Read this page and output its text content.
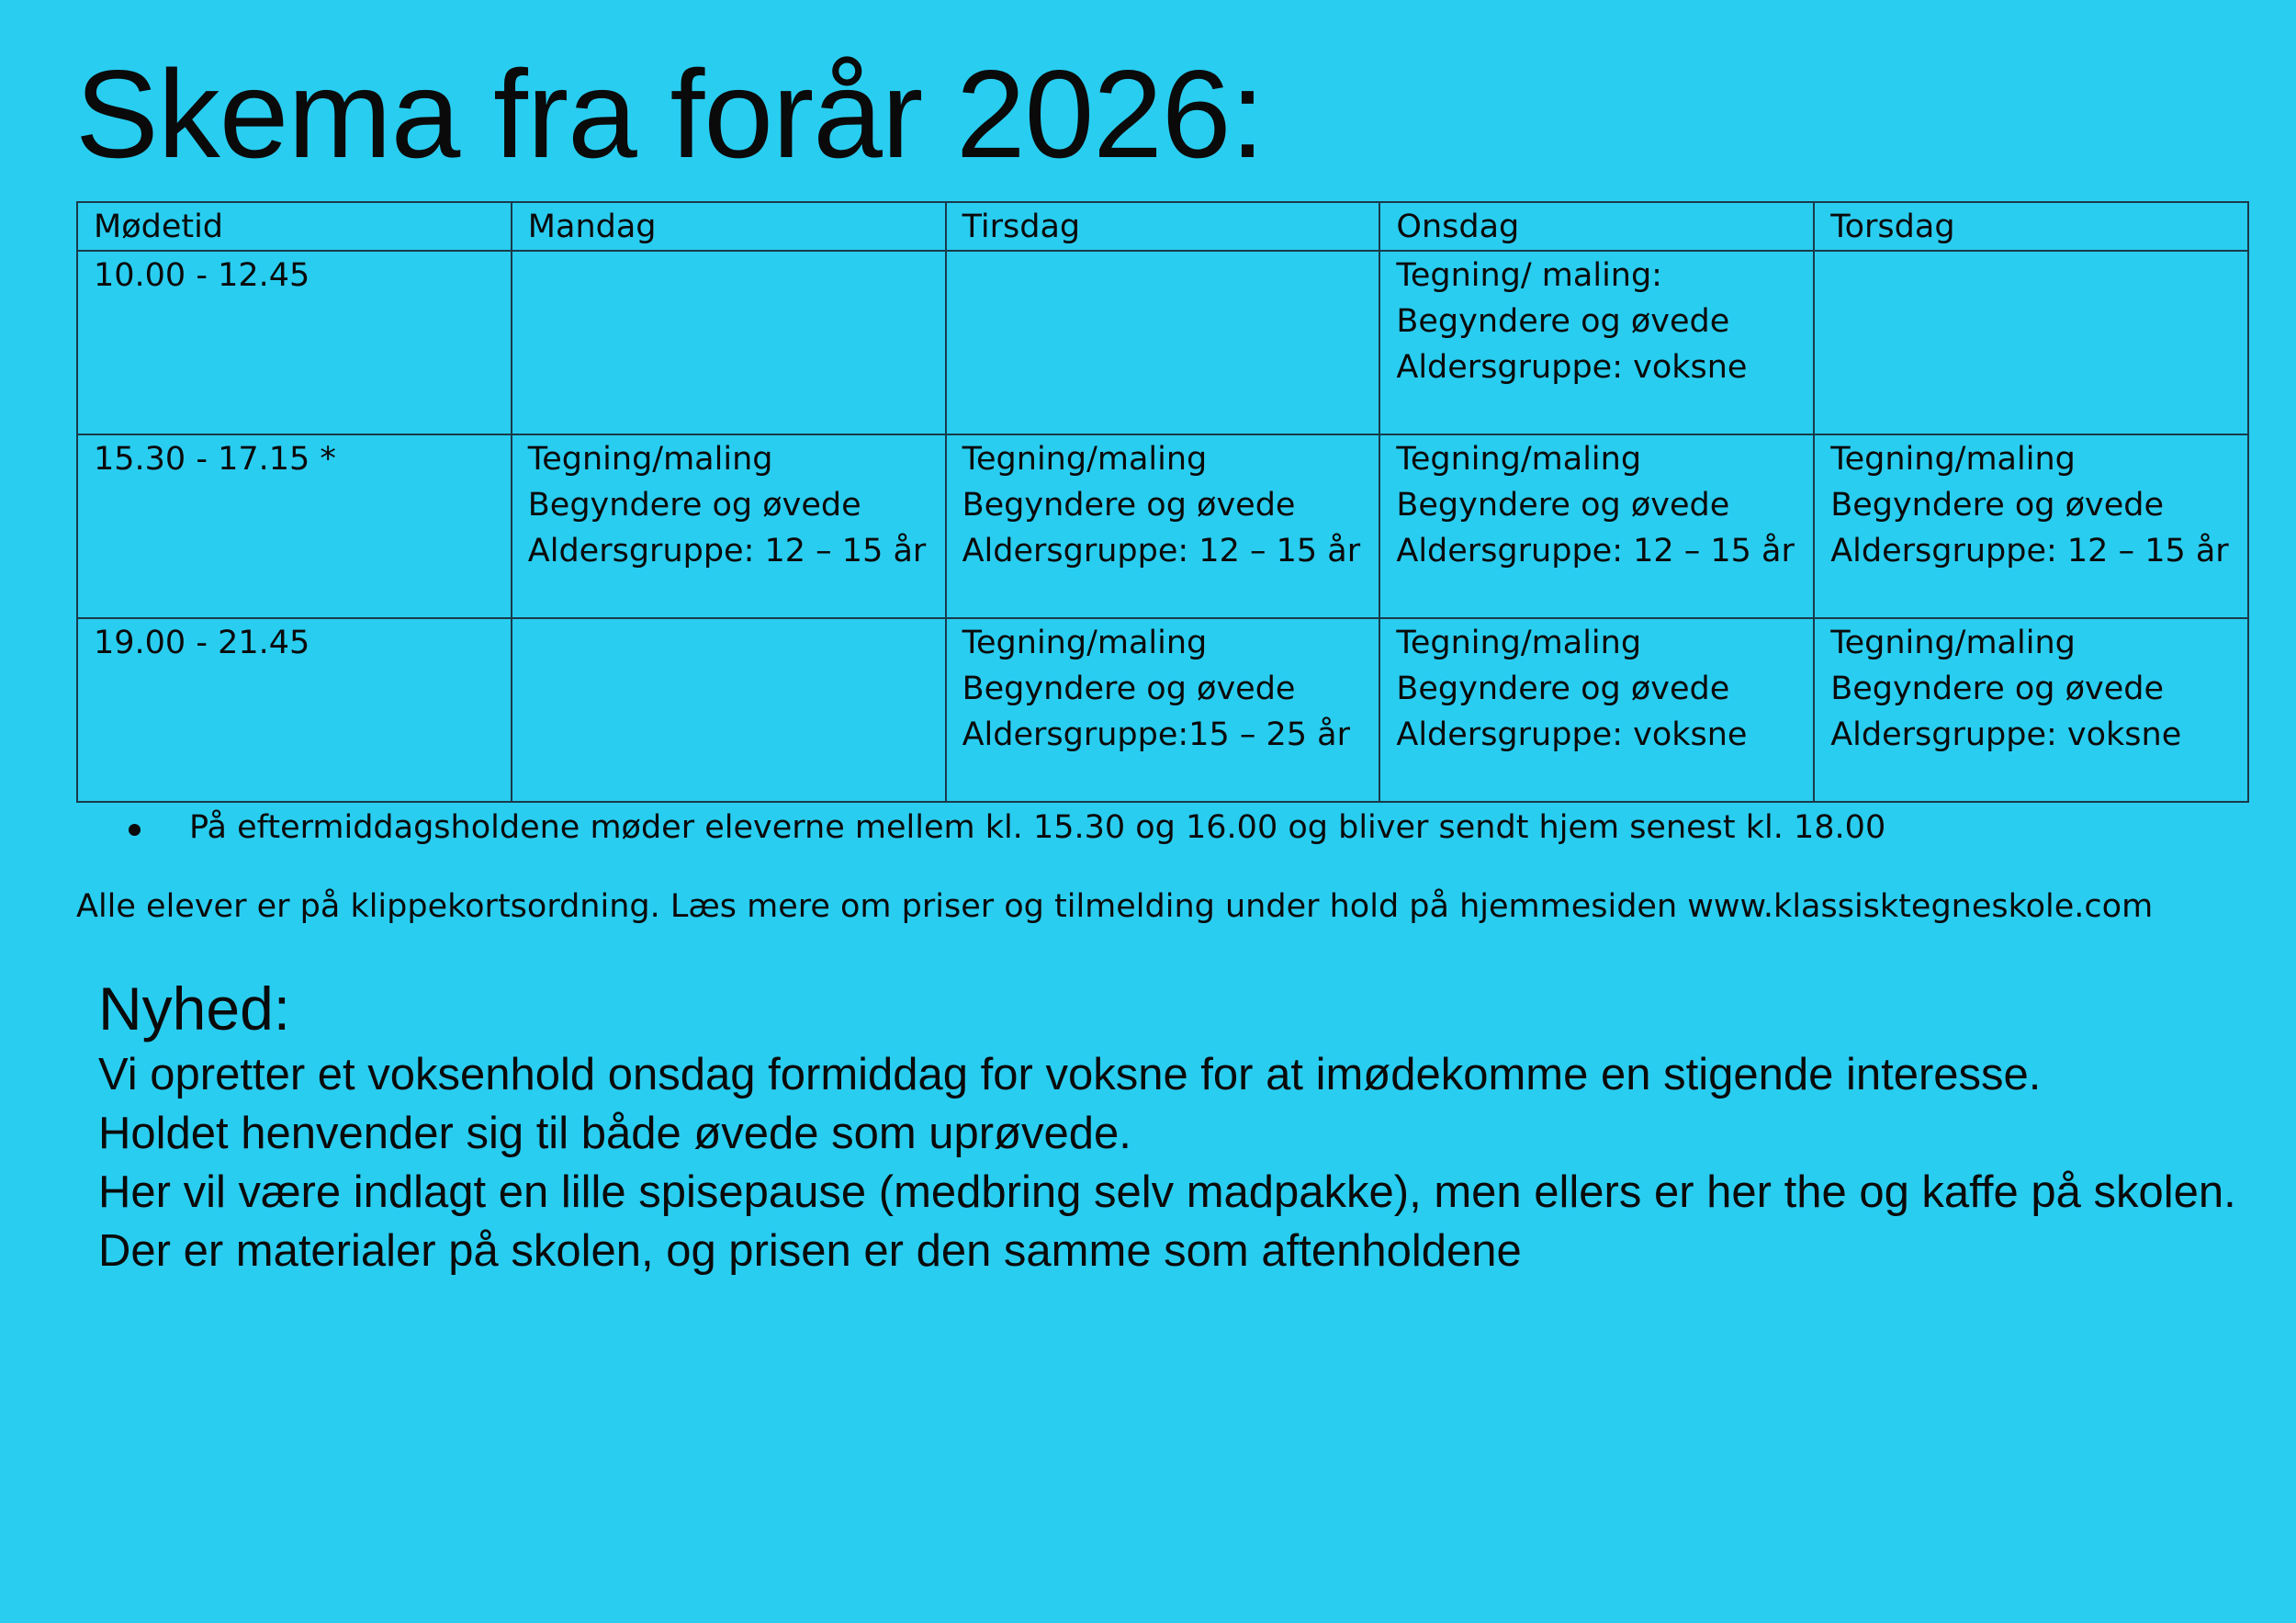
Skema fra forår 2026:
Mødetid	Mandag	Tirsdag	Onsdag	Torsdag
10.00 - 12.45			Tegning/ maling:
Begyndere og øvede
Aldersgruppe: voksne	

15.30 - 17.15 *	Tegning/maling
Begyndere og øvede
Aldersgruppe: 12 – 15 år	Tegning/maling
Begyndere og øvede
Aldersgruppe: 12 – 15 år	Tegning/maling
Begyndere og øvede
Aldersgruppe: 12 – 15 år	Tegning/maling
Begyndere og øvede
Aldersgruppe: 12 – 15 år

19.00 - 21.45		Tegning/maling
Begyndere og øvede
Aldersgruppe:15 – 25 år	Tegning/maling
Begyndere og øvede
Aldersgruppe: voksne	Tegning/maling
Begyndere og øvede
Aldersgruppe: voksne
På eftermiddagsholdene møder eleverne mellem kl. 15.30 og 16.00 og bliver sendt hjem senest kl. 18.00

Alle elever er på klippekortsordning. Læs mere om priser og tilmelding under hold på hjemmesiden www.klassisktegneskole.com

Nyhed:

Vi opretter et voksenhold onsdag formiddag for voksne for at imødekomme en stigende interesse.

Holdet henvender sig til både øvede som uprøvede.

Her vil være indlagt en lille spisepause (medbring selv madpakke), men ellers er her the og kaffe på skolen.

Der er materialer på skolen, og prisen er den samme som aftenholdene
